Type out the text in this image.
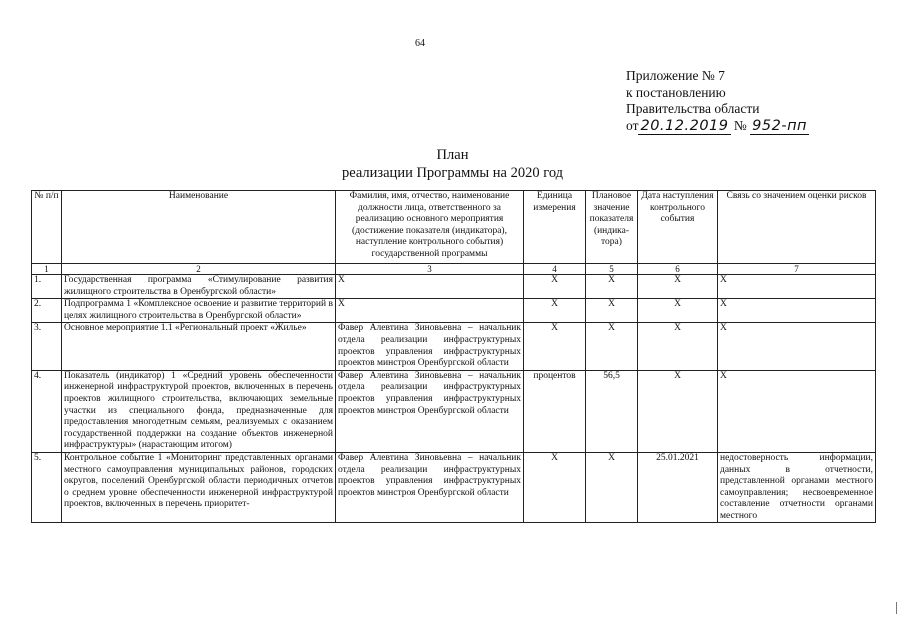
64
Приложение № 7
к постановлению
Правительства области
от 20.12.2019 № 952-пп
План
реализации Программы на 2020 год
№ п/п	Наименование	Фамилия, имя, отчество, наименование должности лица, ответственного за реализацию основного мероприятия (достижение показателя (индикатора), наступление контрольного события) государственной программы	Единица измерения	Плановое значение показателя (индика-тора)	Дата наступления контрольного события	Связь со значением оценки рисков
1	2	3	4	5	6	7
1.	Государственная программа «Стимулирование развития жилищного строительства в Оренбургской области»	X	X	X	X	X
2.	Подпрограмма 1 «Комплексное освоение и развитие территорий в целях жилищного строительства в Оренбургской области»	X	X	X	X	X
3.	Основное мероприятие 1.1 «Региональный проект «Жилье»	Фавер Алевтина Зиновьевна – начальник отдела реализации инфраструктурных проектов управления инфраструктурных проектов минстроя Оренбургской области	X	X	X	X
4.	Показатель (индикатор) 1 «Средний уровень обеспеченности инженерной инфраструктурой проектов, включенных в перечень проектов жилищного строительства, включающих земельные участки из специального фонда, предназначенные для предоставления многодетным семьям, реализуемых с оказанием государственной поддержки на создание объектов инженерной инфраструктуры» (нарастающим итогом)	Фавер Алевтина Зиновьевна – начальник отдела реализации инфраструктурных проектов управления инфраструктурных проектов минстроя Оренбургской области	процентов	56,5	X	X
5.	Контрольное событие 1 «Мониторинг представленных органами местного самоуправления муниципальных районов, городских округов, поселений Оренбургской области периодичных отчетов о среднем уровне обеспеченности инженерной инфраструктурой проектов, включенных в перечень приоритет-	Фавер Алевтина Зиновьевна – начальник отдела реализации инфраструктурных проектов управления инфраструктурных проектов минстроя Оренбургской области	X	X	25.01.2021	недостоверность информации, данных в отчетности, представленной органами местного самоуправления; несвоевременное составление отчетности органами местного
